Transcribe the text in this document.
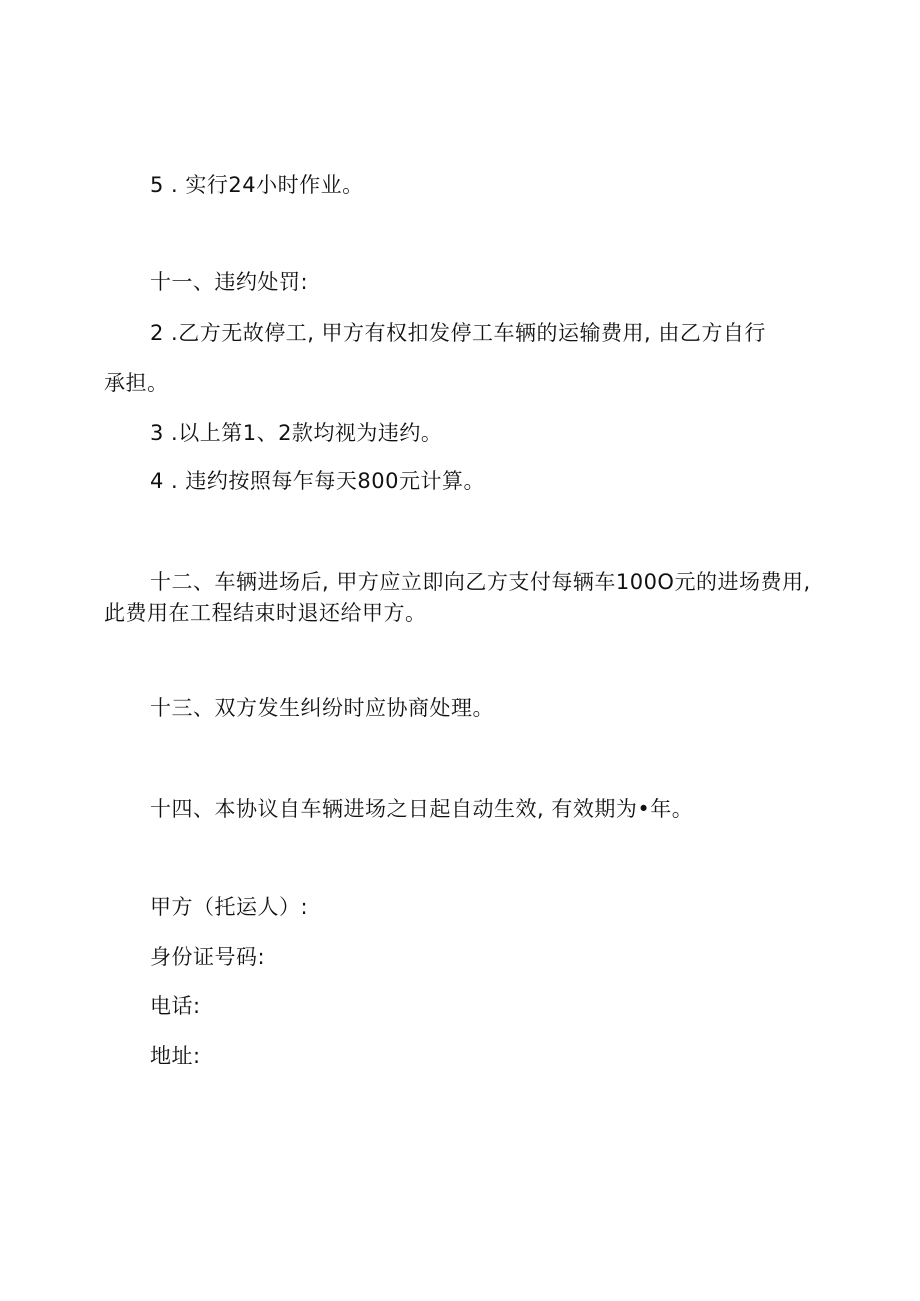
5 . 实行24小时作业。
十一、违约处罚:
2 .乙方无故停工, 甲方有权扣发停工车辆的运输费用, 由乙方自行
承担。
3 .以上第1、2款均视为违约。
4 . 违约按照每乍每天800元计算。
十二、车辆进场后, 甲方应立即向乙方支付每辆车100O元的进场费用,
此费用在工程结束时退还给甲方。
十三、双方发生纠纷时应协商处理。
十四、本协议自车辆进场之日起自动生效, 有效期为•年。
甲方（托运人）:
身份证号码:
电话:
地址:
